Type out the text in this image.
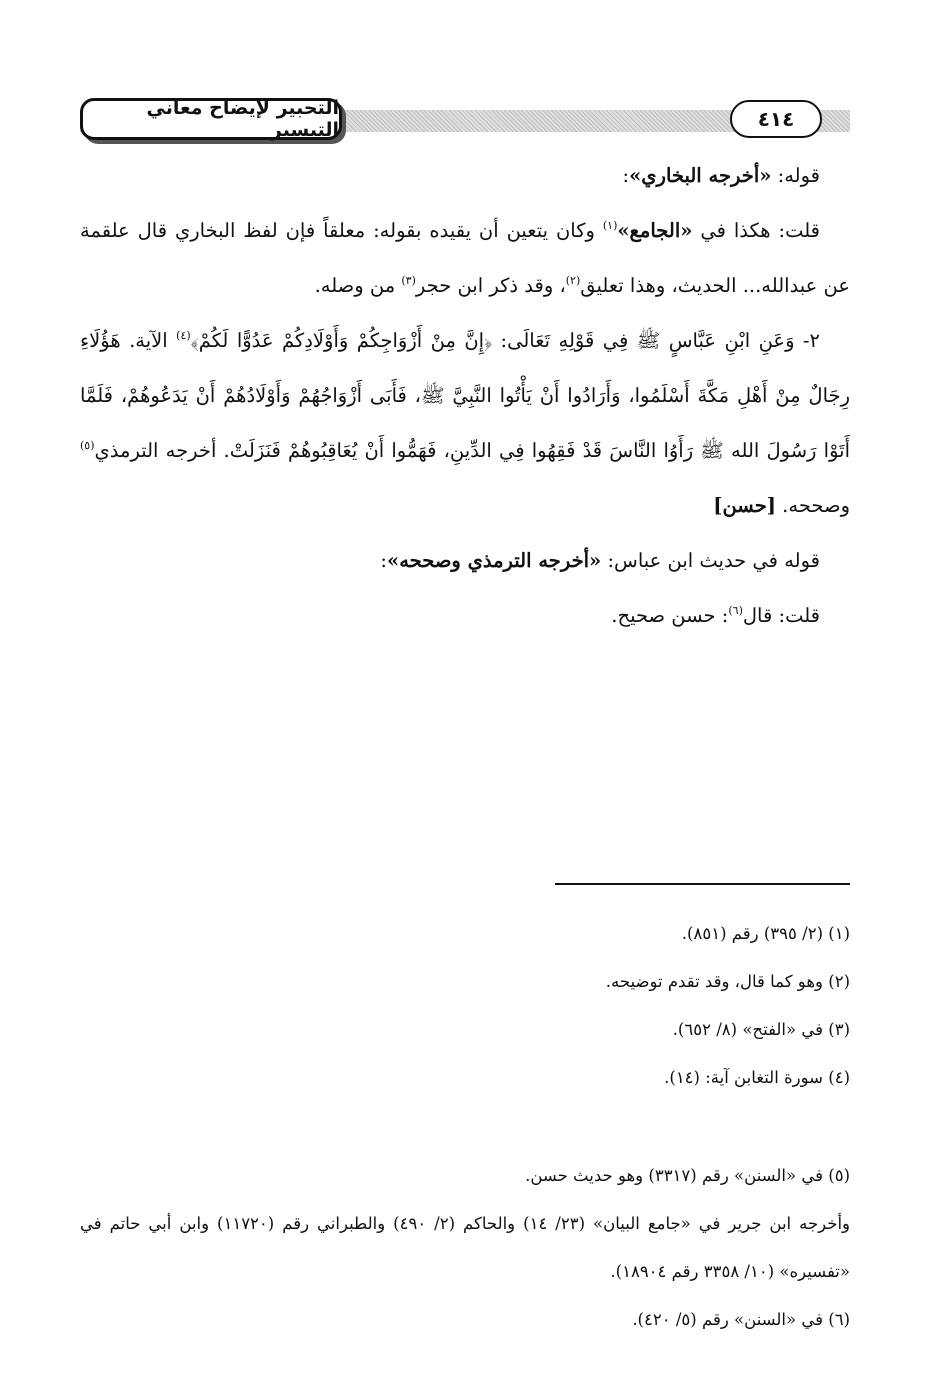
التحبير لإيضاح معاني التيسير	٤١٤

قوله: «أخرجه البخاري»:

قلت: هكذا في «الجامع»$^{(١)}$ وكان يتعين أن يقيده بقوله: معلقاً فإن لفظ البخاري قال علقمة عن عبدالله... الحديث، وهذا تعليق$^{(٢)}$، وقد ذكر ابن حجر$^{(٣)}$ من وصله.

٢- وَعَنِ ابْنِ عَبَّاسٍ ﷺ فِي قَوْلِهِ تَعَالَى: ﴿إِنَّ مِنْ أَزْوَاجِكُمْ وَأَوْلَادِكُمْ عَدُوًّا لَكُمْ﴾$^{(٤)}$ الآية. هَؤُلَاءِ رِجَالٌ مِنْ أَهْلِ مَكَّةَ أَسْلَمُوا، وَأَرَادُوا أَنْ يَأْتُوا النَّبِيَّ ﷺ، فَأَبَى أَزْوَاجُهُمْ وَأَوْلَادُهُمْ أَنْ يَدَعُوهُمْ، فَلَمَّا أَتَوْا رَسُولَ الله ﷺ رَأَوُا النَّاسَ قَدْ فَقِهُوا فِي الدِّينِ، فَهَمُّوا أَنْ يُعَاقِبُوهُمْ فَنَزَلَتْ. أخرجه الترمذي$^{(٥)}$ وصححه. [حسن]

قوله في حديث ابن عباس: «أخرجه الترمذي وصححه»:

قلت: قال$^{(٦)}$: حسن صحيح.

(١) (٢/ ٣٩٥) رقم (٨٥١).

(٢) وهو كما قال، وقد تقدم توضيحه.

(٣) في «الفتح» (٨/ ٦٥٢).

(٤) سورة التغابن آية: (١٤).

(٥) في «السنن» رقم (٣٣١٧) وهو حديث حسن.

وأخرجه ابن جرير في «جامع البيان» (٢٣/ ١٤) والحاكم (٢/ ٤٩٠) والطبراني رقم (١١٧٢٠) وابن أبي حاتم في «تفسيره» (١٠/ ٣٣٥٨ رقم ١٨٩٠٤).

(٦) في «السنن» رقم (٥/ ٤٢٠).
